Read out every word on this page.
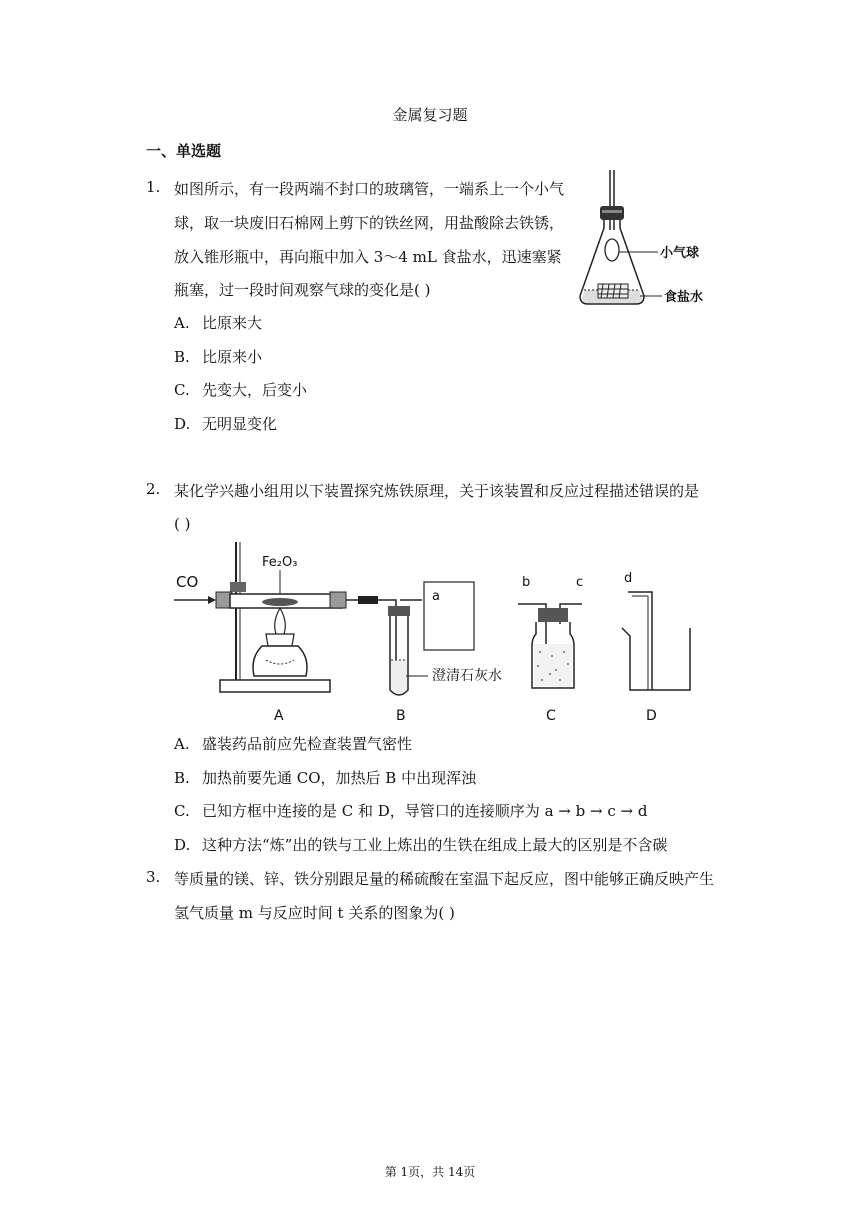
金属复习题
一、单选题
1. 如图所示，有一段两端不封口的玻璃管，一端系上一个小气
球，取一块废旧石棉网上剪下的铁丝网，用盐酸除去铁锈，
放入锥形瓶中，再向瓶中加入 3～4 mL 食盐水，迅速塞紧
瓶塞，过一段时间观察气球的变化是( )
A. 比原来大
B. 比原来小
C. 先变大，后变小
D. 无明显变化
小气球
食盐水
2. 某化学兴趣小组用以下装置探究炼铁原理，关于该装置和反应过程描述错误的是
( )
CO
Fe₂O₃
a
澄清石灰水
b	c	d
A	B	C	D
A. 盛装药品前应先检查装置气密性
B. 加热前要先通 CO，加热后 B 中出现浑浊
C. 已知方框中连接的是 C 和 D，导管口的连接顺序为 a → b → c → d
D. 这种方法“炼”出的铁与工业上炼出的生铁在组成上最大的区别是不含碳
3. 等质量的镁、锌、铁分别跟足量的稀硫酸在室温下起反应，图中能够正确反映产生
氢气质量 m 与反应时间 t 关系的图象为( )
第 1页，共 14页
